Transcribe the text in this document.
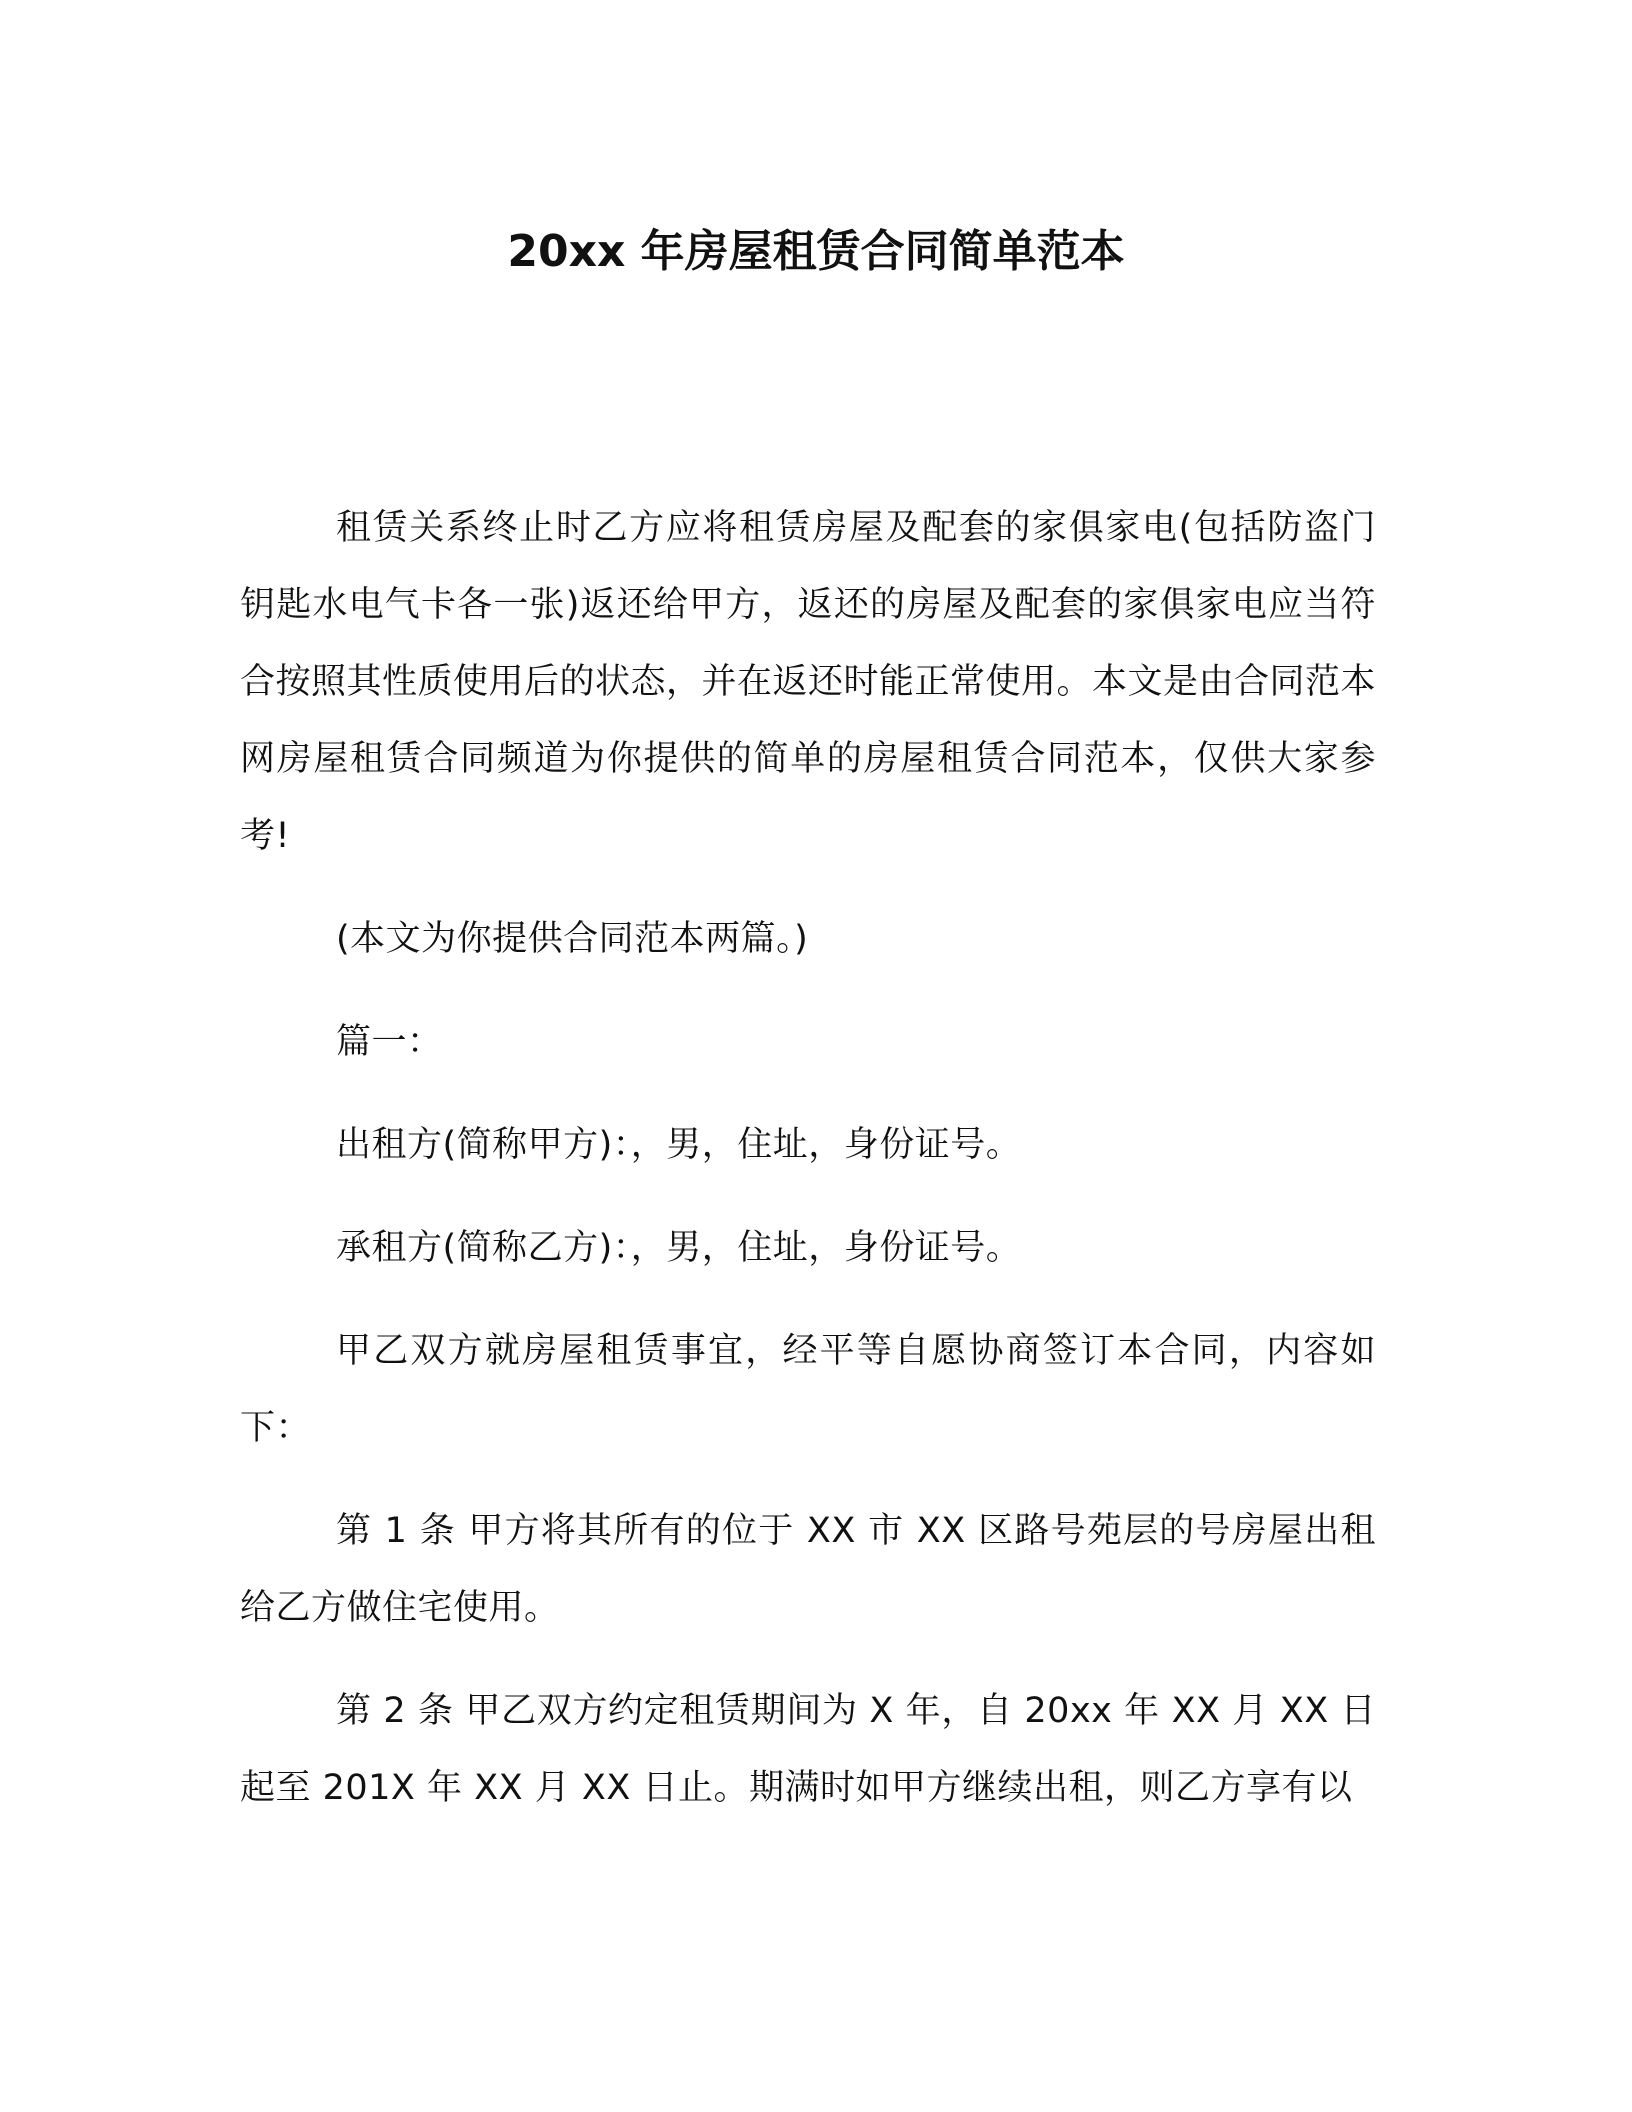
20xx 年房屋租赁合同简单范本

租赁关系终止时乙方应将租赁房屋及配套的家俱家电(包括防盗门钥匙水电气卡各一张)返还给甲方，返还的房屋及配套的家俱家电应当符合按照其性质使用后的状态，并在返还时能正常使用。本文是由合同范本网房屋租赁合同频道为你提供的简单的房屋租赁合同范本，仅供大家参考!

(本文为你提供合同范本两篇。)

篇一：

出租方(简称甲方)：，男，住址，身份证号。

承租方(简称乙方)：，男，住址，身份证号。

甲乙双方就房屋租赁事宜，经平等自愿协商签订本合同，内容如下：

第 1 条 甲方将其所有的位于 XX 市 XX 区路号苑层的号房屋出租给乙方做住宅使用。

第 2 条 甲乙双方约定租赁期间为 X 年，自 20xx 年 XX 月 XX 日起至 201X 年 XX 月 XX 日止。期满时如甲方继续出租，则乙方享有以
